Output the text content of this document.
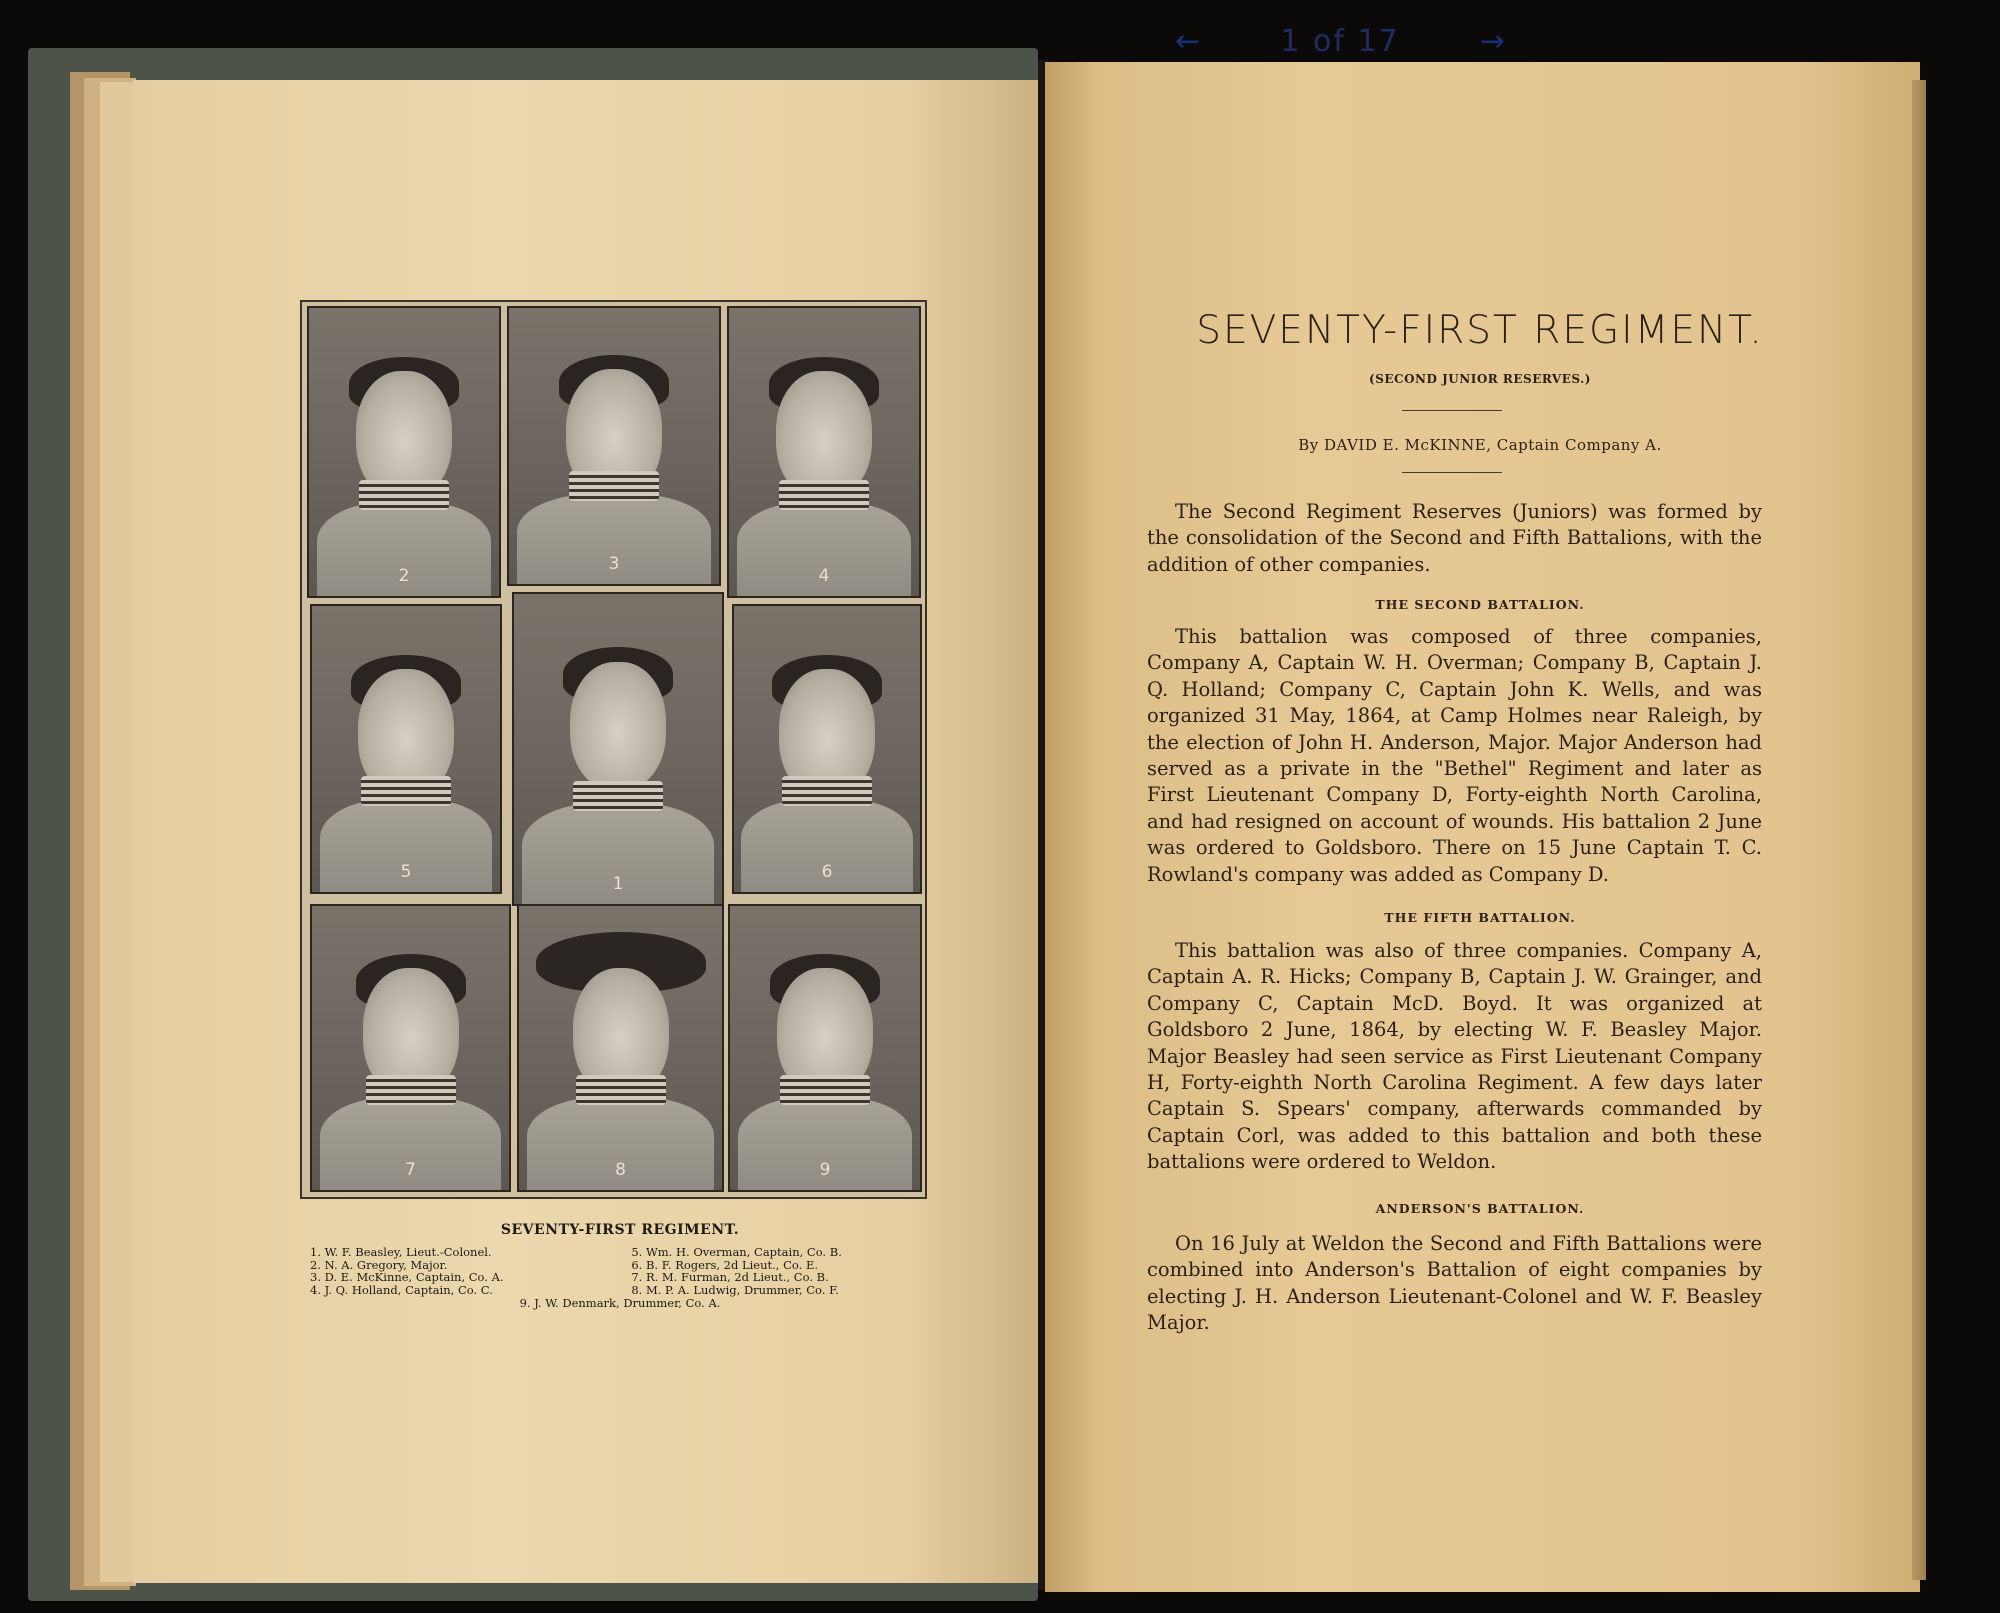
←	1 of 17	→
2
3
4
5
1
6
7	8	9
SEVENTY-FIRST REGIMENT.
1. W. F. Beasley, Lieut.-Colonel.
2. N. A. Gregory, Major.
3. D. E. McKinne, Captain, Co. A.
4. J. Q. Holland, Captain, Co. C.
5. Wm. H. Overman, Captain, Co. B.
6. B. F. Rogers, 2d Lieut., Co. E.
7. R. M. Furman, 2d Lieut., Co. B.
8. M. P. A. Ludwig, Drummer, Co. F.
9. J. W. Denmark, Drummer, Co. A.
SEVENTY-FIRST REGIMENT.
(SECOND JUNIOR RESERVES.)
By DAVID E. McKINNE, Captain Company A.

The Second Regiment Reserves (Juniors) was formed by the consolidation of the Second and Fifth Battalions, with the addition of other companies.

THE SECOND BATTALION.

This battalion was composed of three companies, Company A, Captain W. H. Overman; Company B, Captain J. Q. Holland; Company C, Captain John K. Wells, and was organized 31 May, 1864, at Camp Holmes near Raleigh, by the election of John H. Anderson, Major. Major Anderson had served as a private in the "Bethel" Regiment and later as First Lieutenant Company D, Forty-eighth North Carolina, and had resigned on account of wounds. His battalion 2 June was ordered to Goldsboro. There on 15 June Captain T. C. Rowland's company was added as Company D.

THE FIFTH BATTALION.

This battalion was also of three companies. Company A, Captain A. R. Hicks; Company B, Captain J. W. Grainger, and Company C, Captain McD. Boyd. It was organized at Goldsboro 2 June, 1864, by electing W. F. Beasley Major. Major Beasley had seen service as First Lieutenant Company H, Forty-eighth North Carolina Regiment. A few days later Captain S. Spears' company, afterwards commanded by Captain Corl, was added to this battalion and both these battalions were ordered to Weldon.

ANDERSON'S BATTALION.

On 16 July at Weldon the Second and Fifth Battalions were combined into Anderson's Battalion of eight companies by electing J. H. Anderson Lieutenant-Colonel and W. F. Beasley Major.
